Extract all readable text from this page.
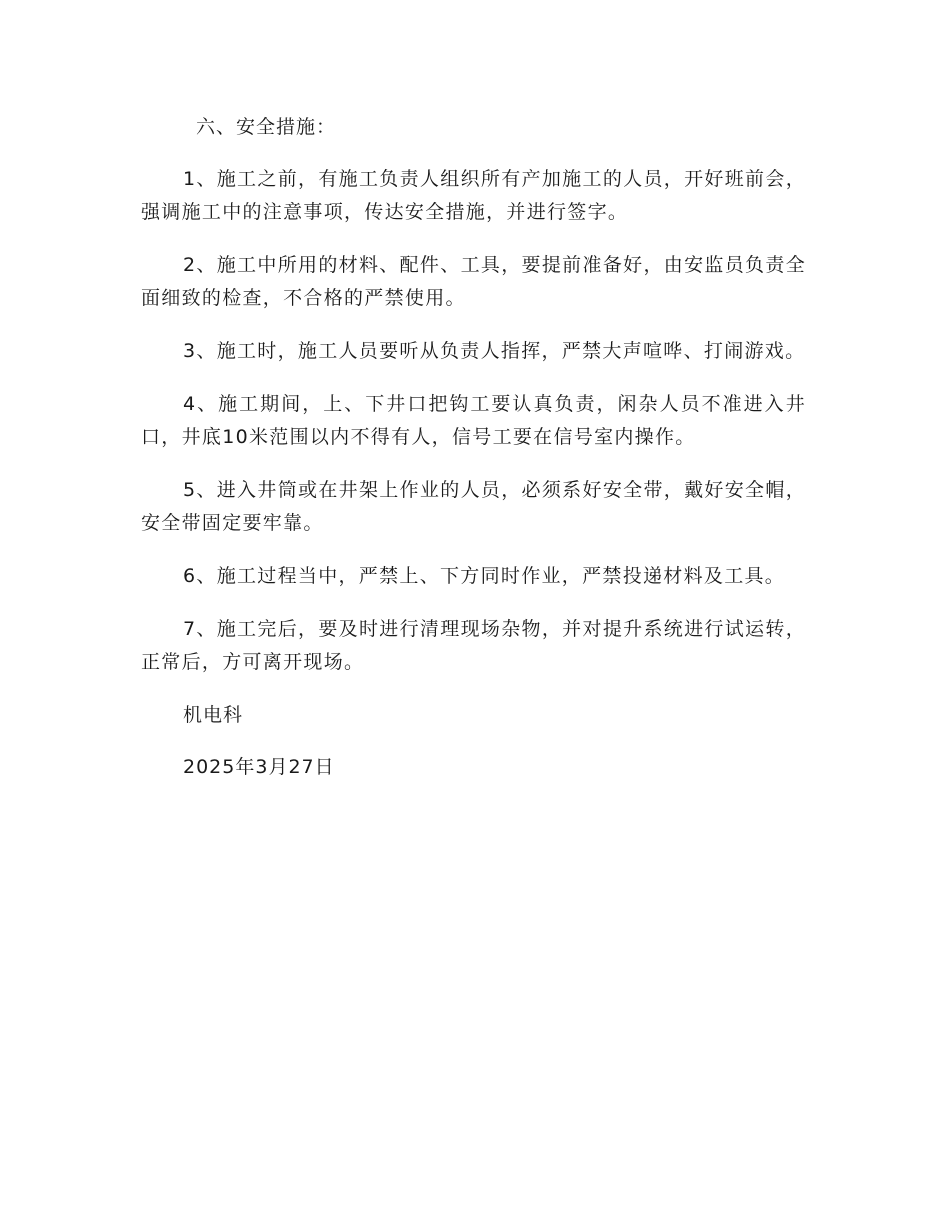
六、安全措施：

1、施工之前，有施工负责人组织所有产加施工的人员，开好班前会，强调施工中的注意事项，传达安全措施，并进行签字。

2、施工中所用的材料、配件、工具，要提前准备好，由安监员负责全面细致的检查，不合格的严禁使用。

3、施工时，施工人员要听从负责人指挥，严禁大声喧哗、打闹游戏。

4、施工期间，上、下井口把钩工要认真负责，闲杂人员不准进入井口，井底10米范围以内不得有人，信号工要在信号室内操作。

5、进入井筒或在井架上作业的人员，必须系好安全带，戴好安全帽，安全带固定要牢靠。

6、施工过程当中，严禁上、下方同时作业，严禁投递材料及工具。

7、施工完后，要及时进行清理现场杂物，并对提升系统进行试运转，正常后，方可离开现场。

机电科

2025年3月27日
